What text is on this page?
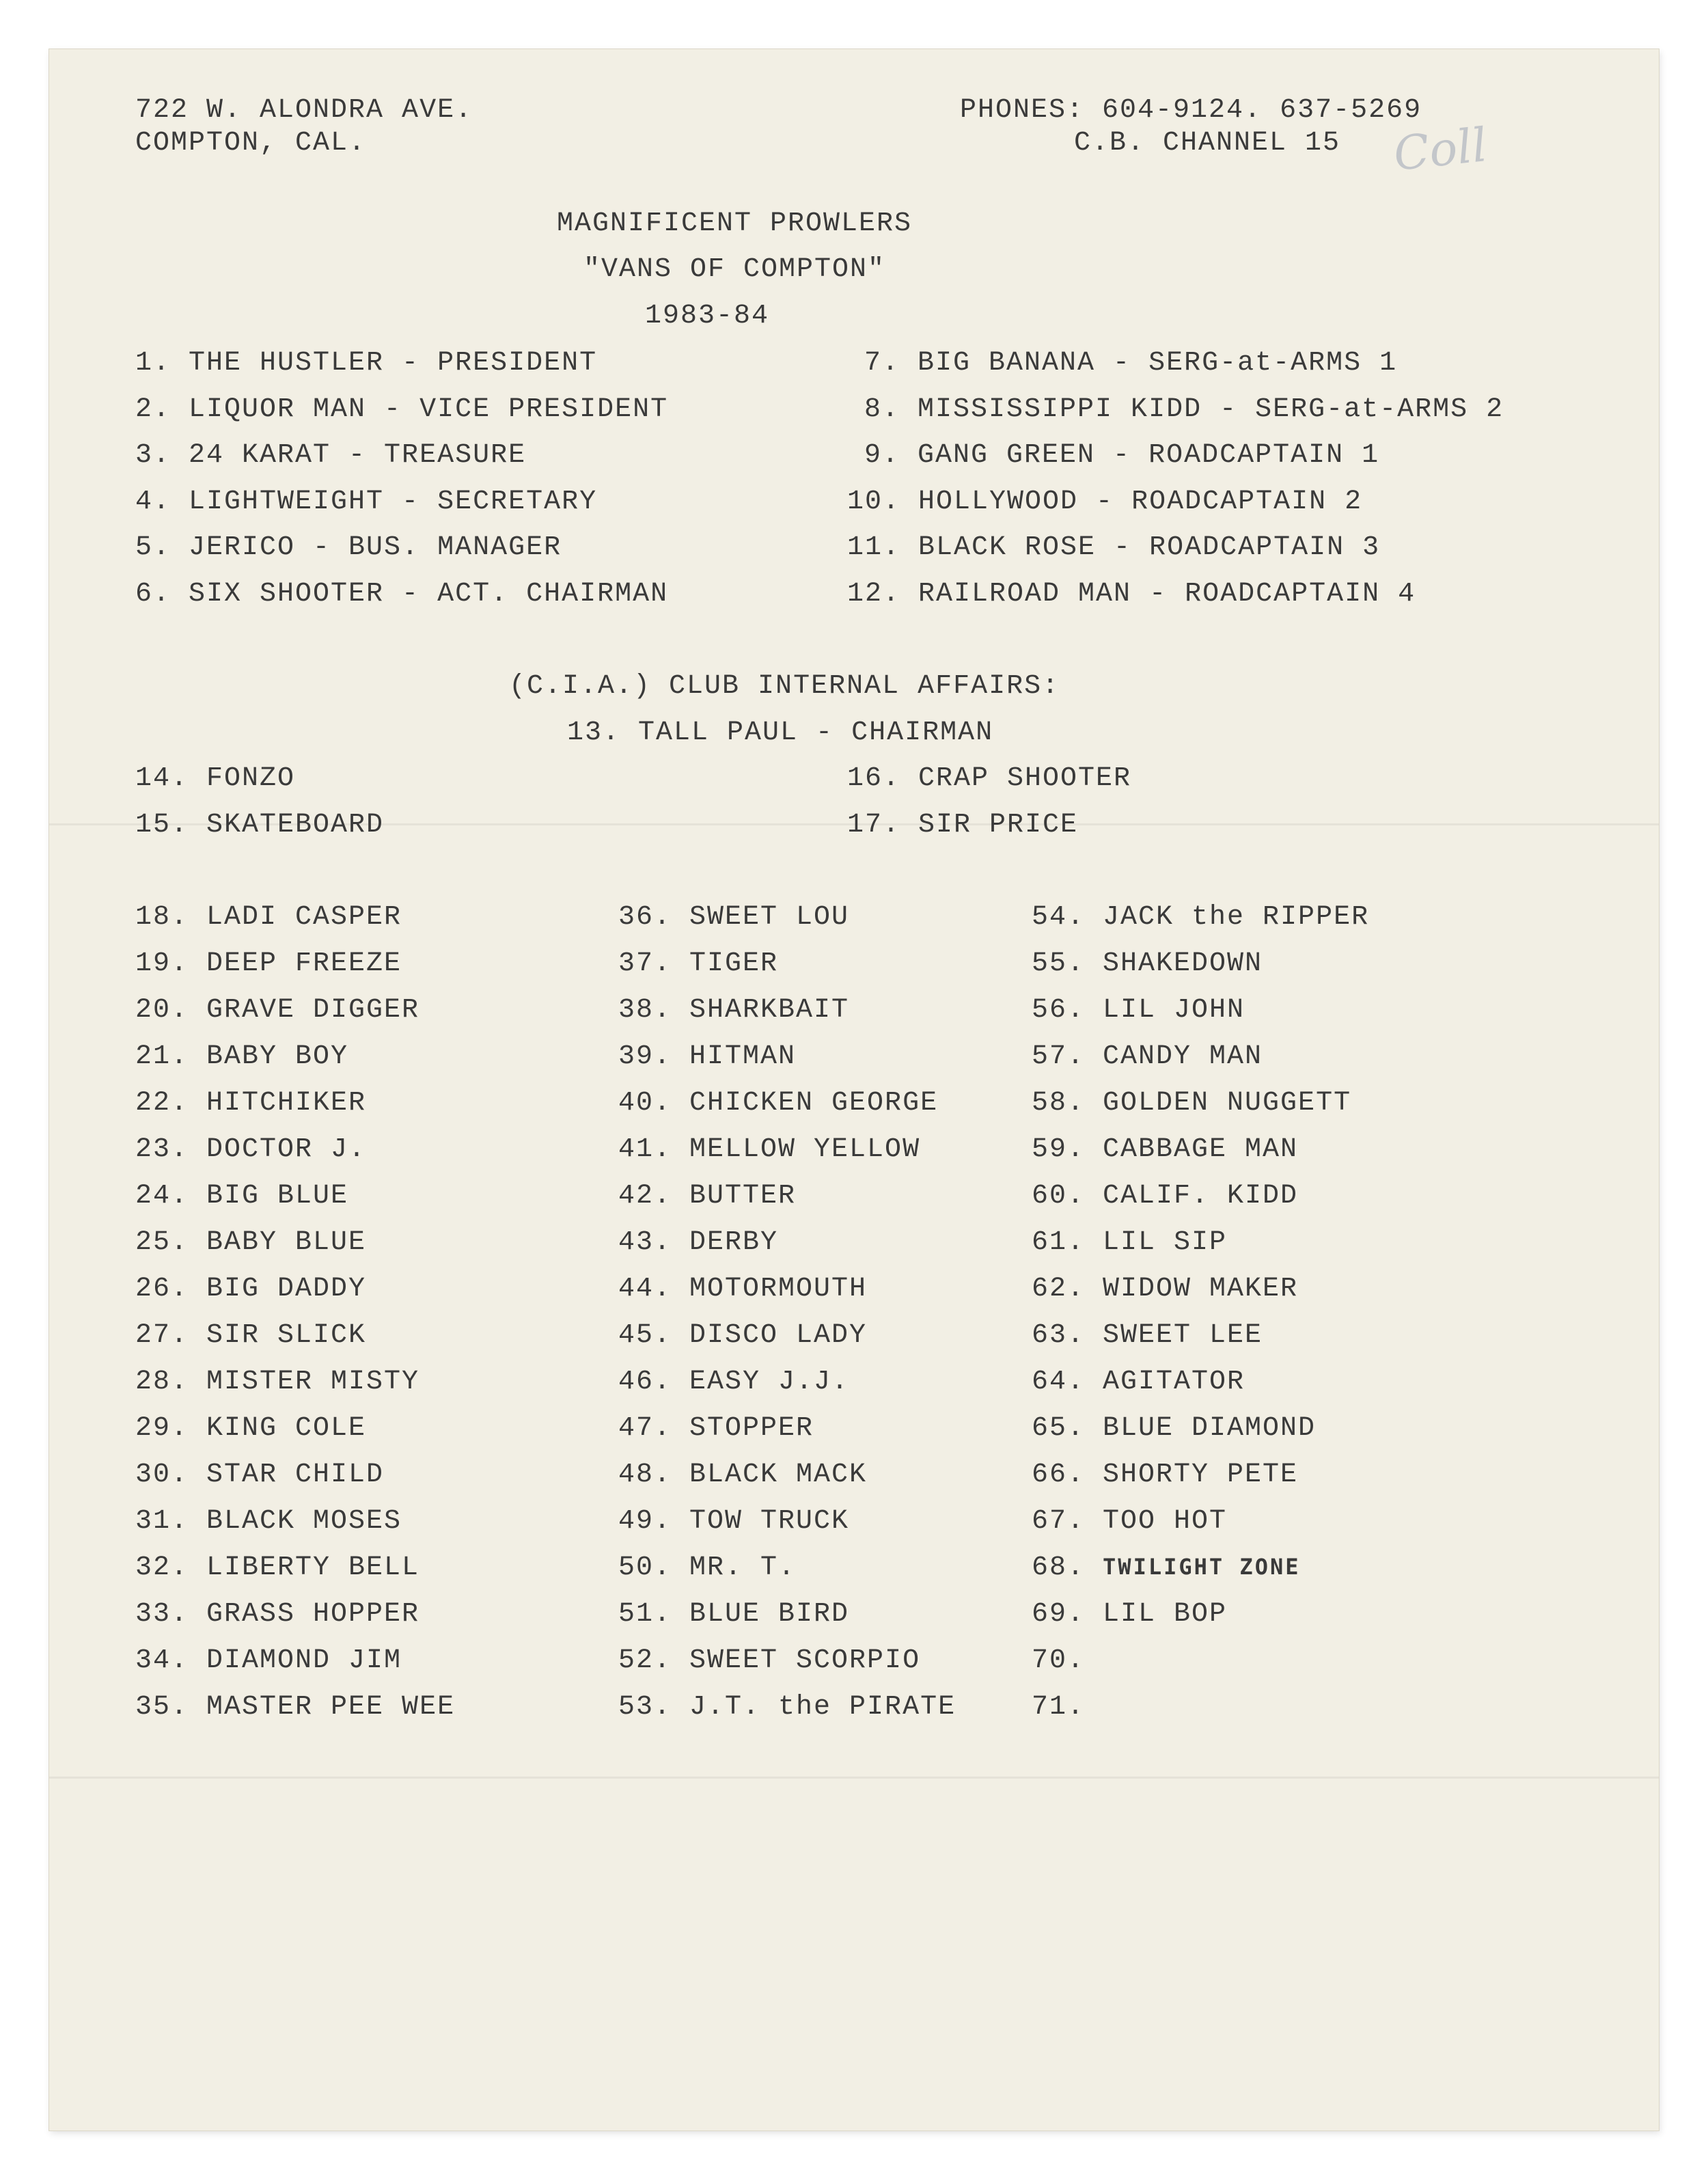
722 W. ALONDRA AVE.
COMPTON, CAL.
PHONES: 604-9124. 637-5269
C.B. CHANNEL 15 Coll
MAGNIFICENT PROWLERS
"VANS OF COMPTON"
1983-84
1. THE HUSTLER - PRESIDENT
2. LIQUOR MAN - VICE PRESIDENT
3. 24 KARAT - TREASURE
4. LIGHTWEIGHT - SECRETARY
5. JERICO - BUS. MANAGER
6. SIX SHOOTER - ACT. CHAIRMAN
7. BIG BANANA - SERG-at-ARMS 1
8. MISSISSIPPI KIDD - SERG-at-ARMS 2
9. GANG GREEN - ROADCAPTAIN 1
10. HOLLYWOOD - ROADCAPTAIN 2
11. BLACK ROSE - ROADCAPTAIN 3
12. RAILROAD MAN - ROADCAPTAIN 4
(C.I.A.) CLUB INTERNAL AFFAIRS:
13. TALL PAUL - CHAIRMAN
14. FONZO
15. SKATEBOARD
16. CRAP SHOOTER
17. SIR PRICE
18. LADI CASPER
19. DEEP FREEZE
20. GRAVE DIGGER
21. BABY BOY
22. HITCHIKER
23. DOCTOR J.
24. BIG BLUE
25. BABY BLUE
26. BIG DADDY
27. SIR SLICK
28. MISTER MISTY
29. KING COLE
30. STAR CHILD
31. BLACK MOSES
32. LIBERTY BELL
33. GRASS HOPPER
34. DIAMOND JIM
35. MASTER PEE WEE
36. SWEET LOU
37. TIGER
38. SHARKBAIT
39. HITMAN
40. CHICKEN GEORGE
41. MELLOW YELLOW
42. BUTTER
43. DERBY
44. MOTORMOUTH
45. DISCO LADY
46. EASY J.J.
47. STOPPER
48. BLACK MACK
49. TOW TRUCK
50. MR. T.
51. BLUE BIRD
52. SWEET SCORPIO
53. J.T. the PIRATE
54. JACK the RIPPER
55. SHAKEDOWN
56. LIL JOHN
57. CANDY MAN
58. GOLDEN NUGGETT
59. CABBAGE MAN
60. CALIF. KIDD
61. LIL SIP
62. WIDOW MAKER
63. SWEET LEE
64. AGITATOR
65. BLUE DIAMOND
66. SHORTY PETE
67. TOO HOT
68. TWILIGHT ZONE
69. LIL BOP
70.
71.
